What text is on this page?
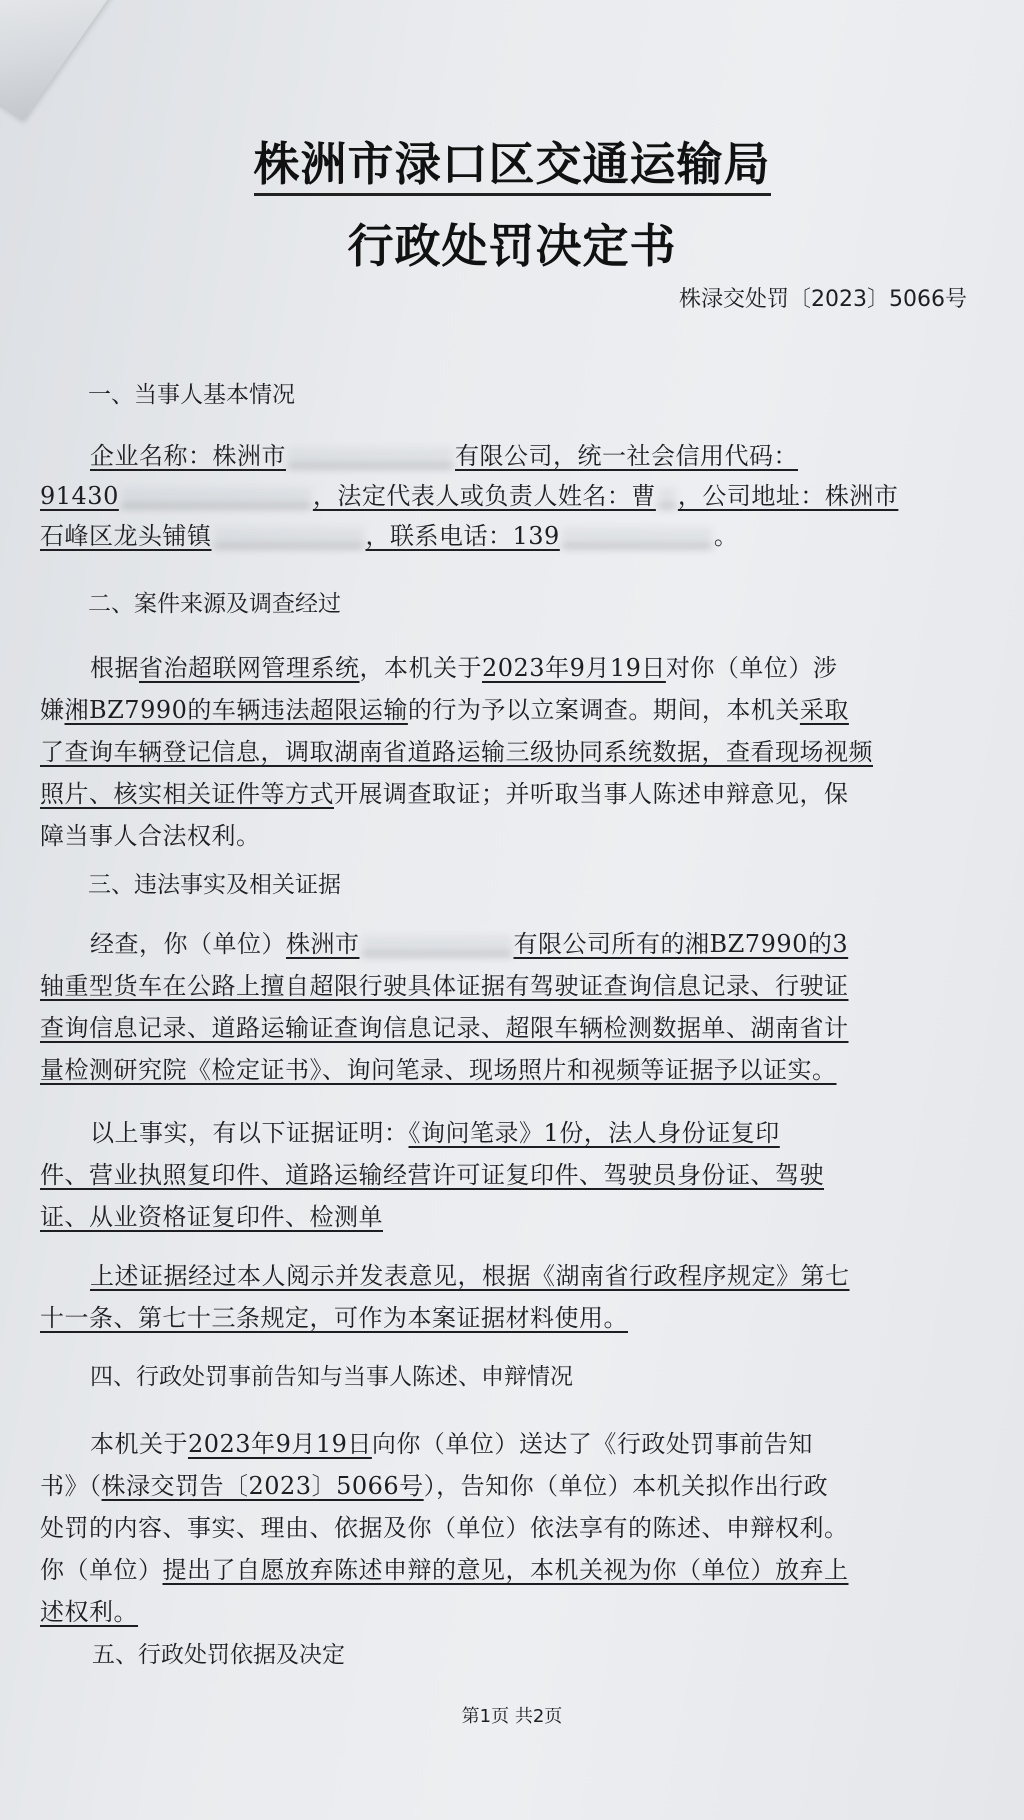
株洲市渌口区交通运输局
行政处罚决定书
株渌交处罚〔2023〕5066号
一、当事人基本情况
企业名称：株洲市	有限公司，统一社会信用代码：
91430	，法定代表人或负责人姓名：曹 ，公司地址：株洲市
石峰区龙头铺镇	，联系电话：139	。
二、案件来源及调查经过
根据省治超联网管理系统，本机关于2023年9月19日对你（单位）涉
嫌湘BZ7990的车辆违法超限运输的行为予以立案调查。期间，本机关采取
了查询车辆登记信息，调取湖南省道路运输三级协同系统数据，查看现场视频
照片、核实相关证件等方式开展调查取证；并听取当事人陈述申辩意见，保
障当事人合法权利。
三、违法事实及相关证据
经查，你（单位）株洲市	有限公司所有的湘BZ7990的3
轴重型货车在公路上擅自超限行驶具体证据有驾驶证查询信息记录、行驶证
查询信息记录、道路运输证查询信息记录、超限车辆检测数据单、湖南省计
量检测研究院《检定证书》、询问笔录、现场照片和视频等证据予以证实。
以上事实，有以下证据证明：《询问笔录》1份，法人身份证复印
件、营业执照复印件、道路运输经营许可证复印件、驾驶员身份证、驾驶
证、从业资格证复印件、检测单
上述证据经过本人阅示并发表意见，根据《湖南省行政程序规定》第七
十一条、第七十三条规定，可作为本案证据材料使用。
四、行政处罚事前告知与当事人陈述、申辩情况
本机关于2023年9月19日向你（单位）送达了《行政处罚事前告知
书》（株渌交罚告〔2023〕5066号），告知你（单位）本机关拟作出行政
处罚的内容、事实、理由、依据及你（单位）依法享有的陈述、申辩权利。
你（单位）提出了自愿放弃陈述申辩的意见，本机关视为你（单位）放弃上
述权利。
五、行政处罚依据及决定
第1页 共2页
